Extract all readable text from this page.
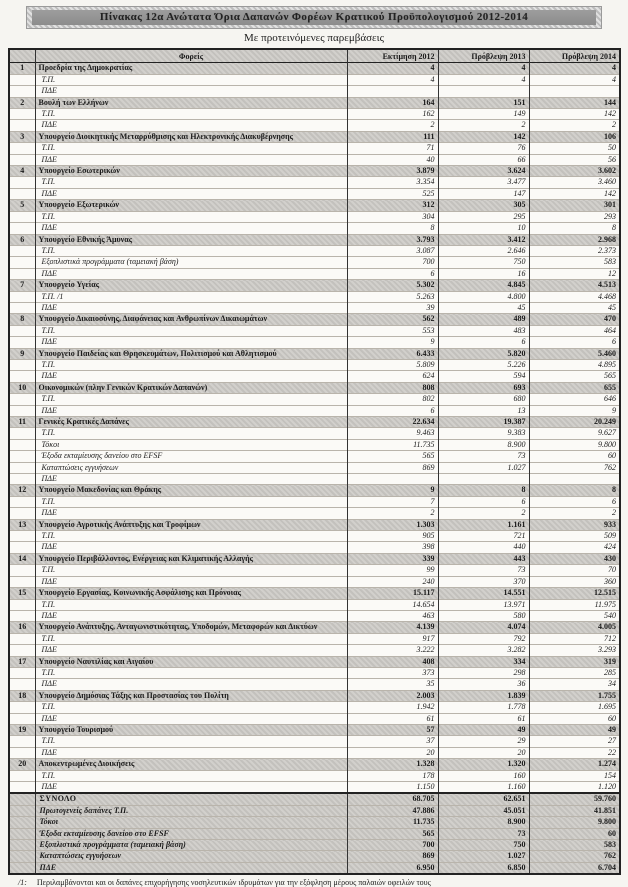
Πίνακας 12α Ανώτατα Όρια Δαπανών Φορέων Κρατικού Προϋπολογισμού 2012-2014
Με προτεινόμενες παρεμβάσεις
	Φορείς	Εκτίμηση 2012	Πρόβλεψη 2013	Πρόβλεψη 2014
1	Προεδρία της Δημοκρατίας	4	4	4
	Τ.Π.	4	4	4
	ΠΔΕ			
2	Βουλή των Ελλήνων	164	151	144
	Τ.Π.	162	149	142
	ΠΔΕ	2	2	2
3	Υπουργείο Διοικητικής Μεταρρύθμισης και Ηλεκτρονικής Διακυβέρνησης	111	142	106
	Τ.Π.	71	76	50
	ΠΔΕ	40	66	56
4	Υπουργείο Εσωτερικών	3.879	3.624	3.602
	Τ.Π.	3.354	3.477	3.460
	ΠΔΕ	525	147	142
5	Υπουργείο Εξωτερικών	312	305	301
	Τ.Π.	304	295	293
	ΠΔΕ	8	10	8
6	Υπουργείο Εθνικής Άμυνας	3.793	3.412	2.968
	Τ.Π.	3.087	2.646	2.373
	Εξοπλιστικά προγράμματα (ταμειακή βάση)	700	750	583
	ΠΔΕ	6	16	12
7	Υπουργείο Υγείας	5.302	4.845	4.513
	Τ.Π. /1	5.263	4.800	4.468
	ΠΔΕ	39	45	45
8	Υπουργείο Δικαιοσύνης, Διαφάνειας και Ανθρωπίνων Δικαιωμάτων	562	489	470
	Τ.Π.	553	483	464
	ΠΔΕ	9	6	6
9	Υπουργείο Παιδείας και Θρησκευμάτων, Πολιτισμού και Αθλητισμού	6.433	5.820	5.460
	Τ.Π.	5.809	5.226	4.895
	ΠΔΕ	624	594	565
10	Οικονομικών (πλην Γενικών Κρατικών Δαπανών)	808	693	655
	Τ.Π.	802	680	646
	ΠΔΕ	6	13	9
11	Γενικές Κρατικές Δαπάνες	22.634	19.387	20.249
	Τ.Π.	9.463	9.383	9.627
	Τόκοι	11.735	8.900	9.800
	Έξοδα εκταμίευσης δανείου στο EFSF	565	73	60
	Καταπτώσεις εγγυήσεων	869	1.027	762
	ΠΔΕ			
12	Υπουργείο Μακεδονίας και Θράκης	9	8	8
	Τ.Π.	7	6	6
	ΠΔΕ	2	2	2
13	Υπουργείο Αγροτικής Ανάπτυξης και Τροφίμων	1.303	1.161	933
	Τ.Π.	905	721	509
	ΠΔΕ	398	440	424
14	Υπουργείο Περιβάλλοντος, Ενέργειας και Κλιματικής Αλλαγής	339	443	430
	Τ.Π.	99	73	70
	ΠΔΕ	240	370	360
15	Υπουργείο Εργασίας, Κοινωνικής Ασφάλισης και Πρόνοιας	15.117	14.551	12.515
	Τ.Π.	14.654	13.971	11.975
	ΠΔΕ	463	580	540
16	Υπουργείο Ανάπτυξης, Ανταγωνιστικότητας, Υποδομών, Μεταφορών και Δικτύων	4.139	4.074	4.005
	Τ.Π.	917	792	712
	ΠΔΕ	3.222	3.282	3.293
17	Υπουργείο Ναυτιλίας και Αιγαίου	408	334	319
	Τ.Π.	373	298	285
	ΠΔΕ	35	36	34
18	Υπουργείο Δημόσιας Τάξης και Προστασίας του Πολίτη	2.003	1.839	1.755
	Τ.Π.	1.942	1.778	1.695
	ΠΔΕ	61	61	60
19	Υπουργείο Τουρισμού	57	49	49
	Τ.Π.	37	29	27
	ΠΔΕ	20	20	22
20	Αποκεντρωμένες Διοικήσεις	1.328	1.320	1.274
	Τ.Π.	178	160	154
	ΠΔΕ	1.150	1.160	1.120
	ΣΥΝΟΛΟ	68.705	62.651	59.760
	Πρωτογενείς δαπάνες Τ.Π.	47.886	45.051	41.851
	Τόκοι	11.735	8.900	9.800
	Έξοδα εκταμίευσης δανείου στο EFSF	565	73	60
	Εξοπλιστικά προγράμματα (ταμειακή βάση)	700	750	583
	Καταπτώσεις εγγυήσεων	869	1.027	762
	ΠΔΕ	6.950	6.850	6.704
/1: Περιλαμβάνονται και οι δαπάνες επιχορήγησης νοσηλευτικών ιδρυμάτων για την εξόφληση μέρους παλαιών οφειλών τους
